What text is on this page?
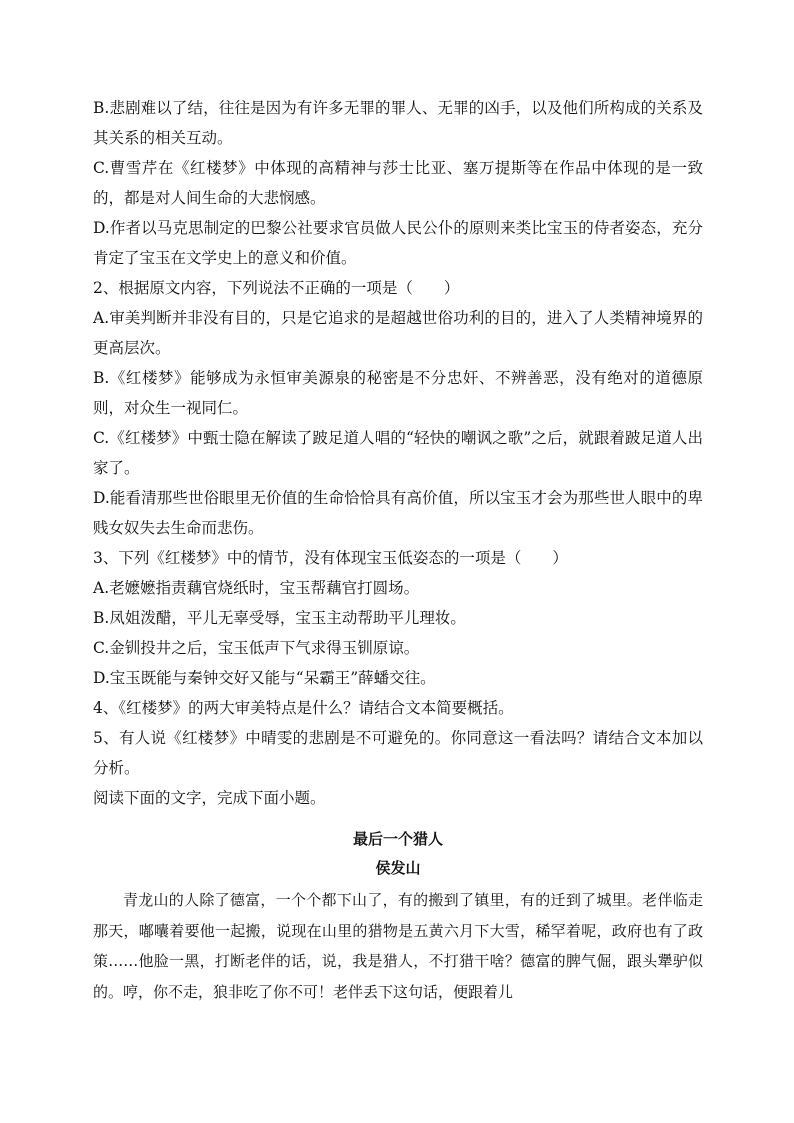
B.悲剧难以了结，往往是因为有许多无罪的罪人、无罪的凶手，以及他们所构成的关系及其关系的相关互动。

C.曹雪芹在《红楼梦》中体现的高精神与莎士比亚、塞万提斯等在作品中体现的是一致的，都是对人间生命的大悲悯感。

D.作者以马克思制定的巴黎公社要求官员做人民公仆的原则来类比宝玉的侍者姿态，充分肯定了宝玉在文学史上的意义和价值。

2、根据原文内容，下列说法不正确的一项是（　　）

A.审美判断并非没有目的，只是它追求的是超越世俗功利的目的，进入了人类精神境界的更高层次。

B.《红楼梦》能够成为永恒审美源泉的秘密是不分忠奸、不辨善恶，没有绝对的道德原则，对众生一视同仁。

C.《红楼梦》中甄士隐在解读了跛足道人唱的“轻快的嘲讽之歌”之后，就跟着跛足道人出家了。

D.能看清那些世俗眼里无价值的生命恰恰具有高价值，所以宝玉才会为那些世人眼中的卑贱女奴失去生命而悲伤。

3、下列《红楼梦》中的情节，没有体现宝玉低姿态的一项是（　　）

A.老嬷嬷指责藕官烧纸时，宝玉帮藕官打圆场。

B.凤姐泼醋，平儿无辜受辱，宝玉主动帮助平儿理妆。

C.金钏投井之后，宝玉低声下气求得玉钏原谅。

D.宝玉既能与秦钟交好又能与“呆霸王”薛蟠交往。

4、《红楼梦》的两大审美特点是什么？请结合文本简要概括。

5、有人说《红楼梦》中晴雯的悲剧是不可避免的。你同意这一看法吗？请结合文本加以分析。

阅读下面的文字，完成下面小题。

最后一个猎人

侯发山

青龙山的人除了德富，一个个都下山了，有的搬到了镇里，有的迁到了城里。老伴临走那天，嘟囔着要他一起搬，说现在山里的猎物是五黄六月下大雪，稀罕着呢，政府也有了政策……他脸一黑，打断老伴的话，说，我是猎人，不打猎干啥？德富的脾气倔，跟头犟驴似的。哼，你不走，狼非吃了你不可！老伴丢下这句话，便跟着儿
